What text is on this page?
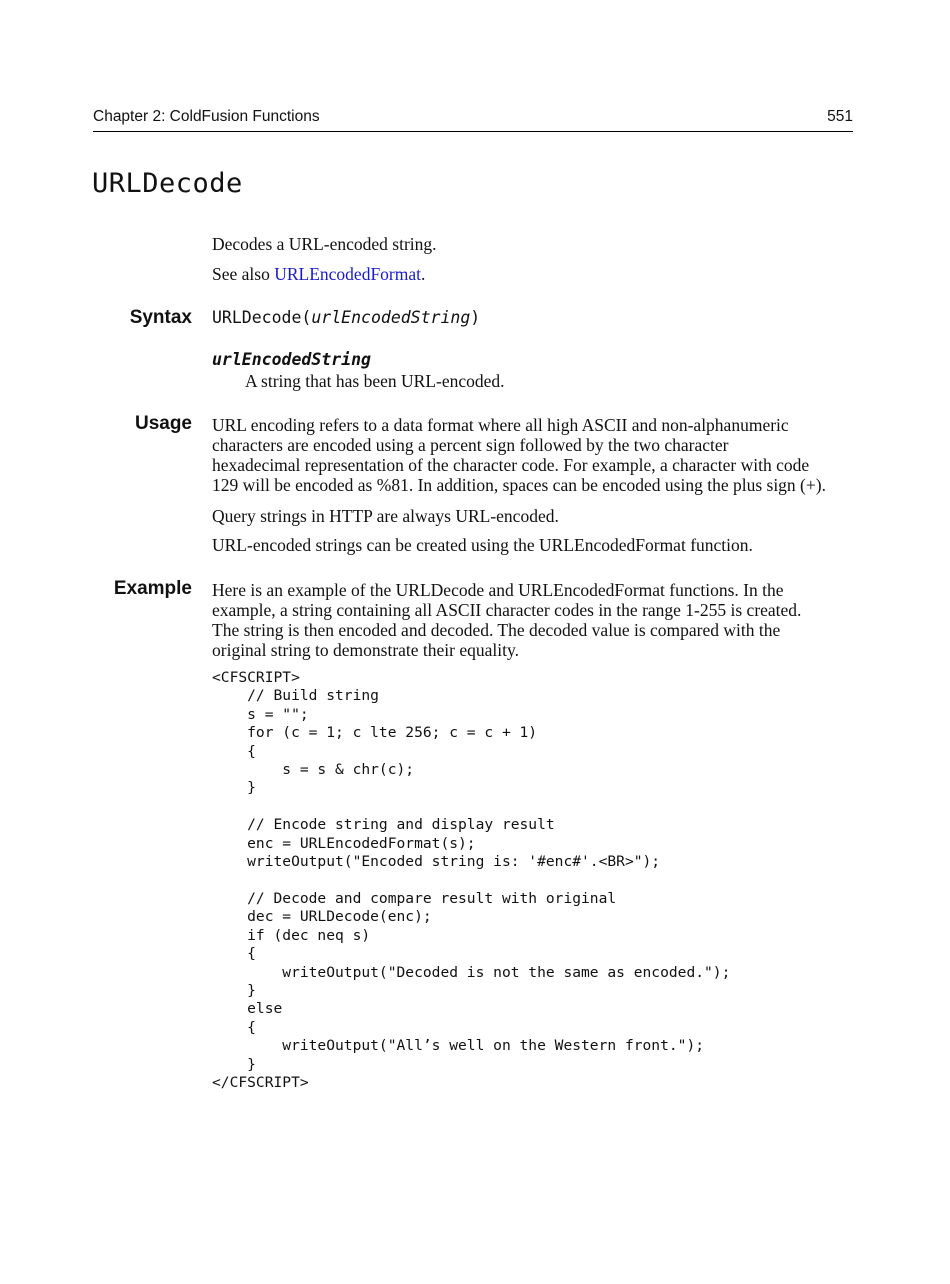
Chapter 2: ColdFusion Functions	551
URLDecode
Decodes a URL-encoded string.
See also URLEncodedFormat.
Syntax URLDecode(urlEncodedString)
urlEncodedString
A string that has been URL-encoded.
Usage URL encoding refers to a data format where all high ASCII and non-alphanumeric
characters are encoded using a percent sign followed by the two character
hexadecimal representation of the character code. For example, a character with code
129 will be encoded as %81. In addition, spaces can be encoded using the plus sign (+).
Query strings in HTTP are always URL-encoded.
URL-encoded strings can be created using the URLEncodedFormat function.
Example Here is an example of the URLDecode and URLEncodedFormat functions. In the
example, a string containing all ASCII character codes in the range 1-255 is created.
The string is then encoded and decoded. The decoded value is compared with the
original string to demonstrate their equality.
<CFSCRIPT>
// Build string
s = "";
for (c = 1; c lte 256; c = c + 1)
{
s = s & chr(c);
}

// Encode string and display result
enc = URLEncodedFormat(s);
writeOutput("Encoded string is: '#enc#'.<BR>");

// Decode and compare result with original
dec = URLDecode(enc);
if (dec neq s)
{
writeOutput("Decoded is not the same as encoded.");
}
else
{
writeOutput("All’s well on the Western front.");
}
</CFSCRIPT>
